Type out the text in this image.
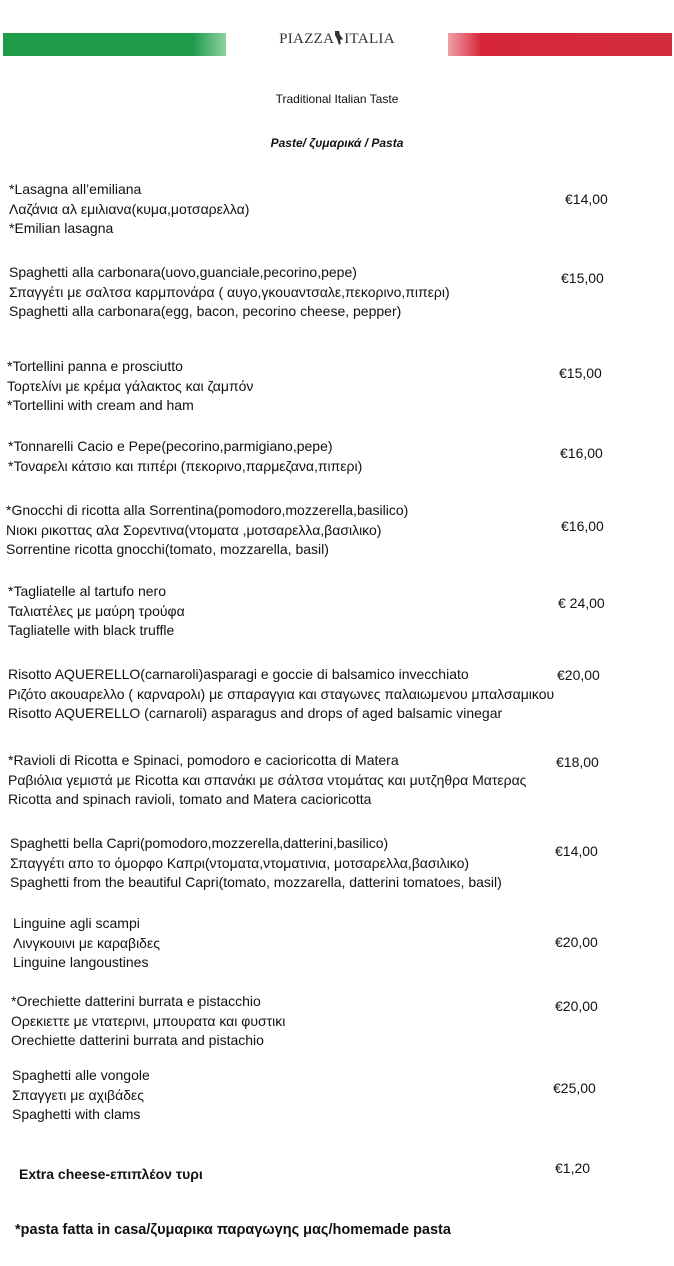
PIAZZA ITALIA
Traditional Italian Taste
Paste/ ζυμαρικά / Pasta
*Lasagna all’emiliana
Λαζάνια αλ εμιλιανα(κυμα,μοτσαρελλα)
*Emilian lasagna
€14,00
Spaghetti alla carbonara(uovo,guanciale,pecorino,pepe)
Σπαγγέτι με σαλτσα καρμπονάρα ( αυγο,γκουαντσαλε,πεκορινο,πιπερι)
Spaghetti alla carbonara(egg, bacon, pecorino cheese, pepper)
€15,00
*Tortellini panna e prosciutto
Τορτελίνι με κρέμα γάλακτος και ζαμπόν
*Tortellini with cream and ham
€15,00
*Tonnarelli Cacio e Pepe(pecorino,parmigiano,pepe)
*Τοναρελι κάτσιο και πιπέρι (πεκορινο,παρμεζανα,πιπερι)
€16,00
*Gnocchi di ricotta alla Sorrentina(pomodoro,mozzerella,basilico)
Νιοκι ρικοττας αλα Σορεντινα(ντοματα ,μοτσαρελλα,βασιλικο)
Sorrentine ricotta gnocchi(tomato, mozzarella, basil)
€16,00
*Tagliatelle al tartufo nero
Ταλιατέλες με μαύρη τρούφα
Tagliatelle with black truffle
€ 24,00
Risotto AQUERELLO(carnaroli)asparagi e goccie di balsamico invecchiato
Ριζότο ακουαρελλο ( καρναρολι) με σπαραγγια και σταγωνες παλαιωμενου μπαλσαμικου
Risotto AQUERELLO (carnaroli) asparagus and drops of aged balsamic vinegar
€20,00
*Ravioli di Ricotta e Spinaci, pomodoro e cacioricotta di Matera
Ραβιόλια γεμιστά με Ricotta και σπανάκι με σάλτσα ντομάτας και μυτζηθρα Ματερας
Ricotta and spinach ravioli, tomato and Matera cacioricotta
€18,00
Spaghetti bella Capri(pomodoro,mozzerella,datterini,basilico)
Σπαγγέτι απο το όμορφο Καπρι(ντοματα,ντοματινια, μοτσαρελλα,βασιλικο)
Spaghetti from the beautiful Capri(tomato, mozzarella, datterini tomatoes, basil)
€14,00
Linguine agli scampi
Λινγκουινι με καραβιδες
Linguine langoustines
€20,00
*Orechiette datterini burrata e pistacchio
Ορεκιεττε με ντατερινι, μπουρατα και φυστικι
Orechiette datterini burrata and pistachio
€20,00
Spaghetti alle vongole
Σπαγγετι με αχιβάδες
Spaghetti with clams
€25,00
Extra cheese-επιπλέον τυρι	€1,20
*pasta fatta in casa/ζυμαρικα παραγωγης μας/homemade pasta
